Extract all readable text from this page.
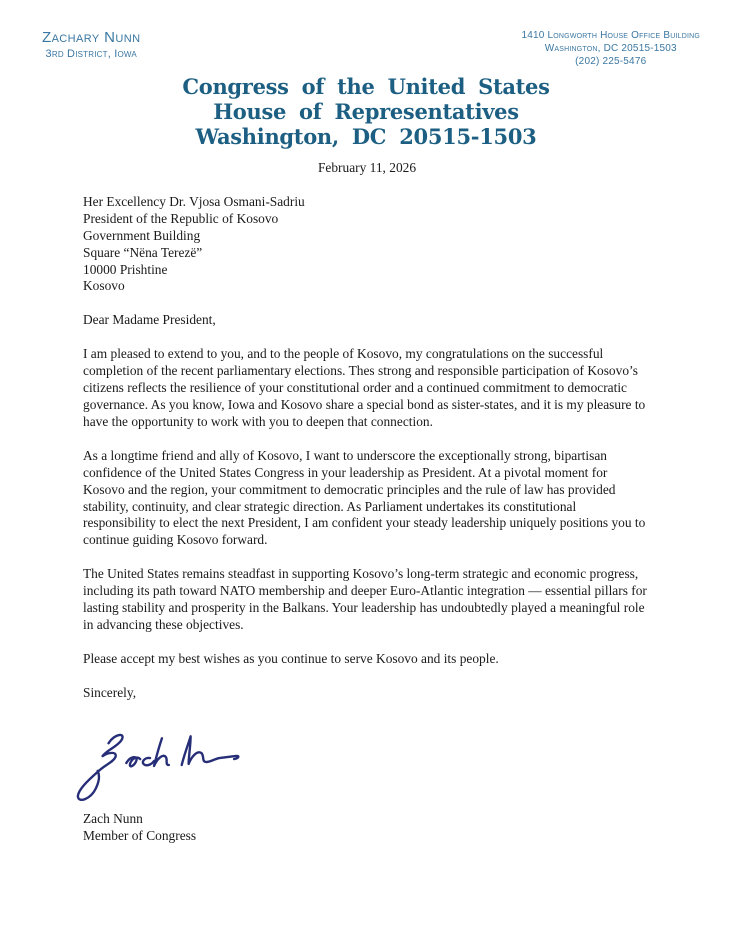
Zachary Nunn
3rd District, Iowa
1410 Longworth House Office Building
Washington, DC 20515-1503
(202) 225-5476
Congress of the United States
House of Representatives
Washington, DC 20515-1503

February 11, 2026

Her Excellency Dr. Vjosa Osmani-Sadriu
President of the Republic of Kosovo
Government Building
Square “Nëna Terezë”
10000 Prishtine
Kosovo

Dear Madame President,

I am pleased to extend to you, and to the people of Kosovo, my congratulations on the successful completion of the recent parliamentary elections. Thes strong and responsible participation of Kosovo’s citizens reflects the resilience of your constitutional order and a continued commitment to democratic governance. As you know, Iowa and Kosovo share a special bond as sister-states, and it is my pleasure to have the opportunity to work with you to deepen that connection.

As a longtime friend and ally of Kosovo, I want to underscore the exceptionally strong, bipartisan confidence of the United States Congress in your leadership as President. At a pivotal moment for Kosovo and the region, your commitment to democratic principles and the rule of law has provided stability, continuity, and clear strategic direction. As Parliament undertakes its constitutional responsibility to elect the next President, I am confident your steady leadership uniquely positions you to continue guiding Kosovo forward.

The United States remains steadfast in supporting Kosovo’s long-term strategic and economic progress, including its path toward NATO membership and deeper Euro-Atlantic integration — essential pillars for lasting stability and prosperity in the Balkans. Your leadership has undoubtedly played a meaningful role in advancing these objectives.

Please accept my best wishes as you continue to serve Kosovo and its people.

Sincerely,

Zach Nunn
Member of Congress
